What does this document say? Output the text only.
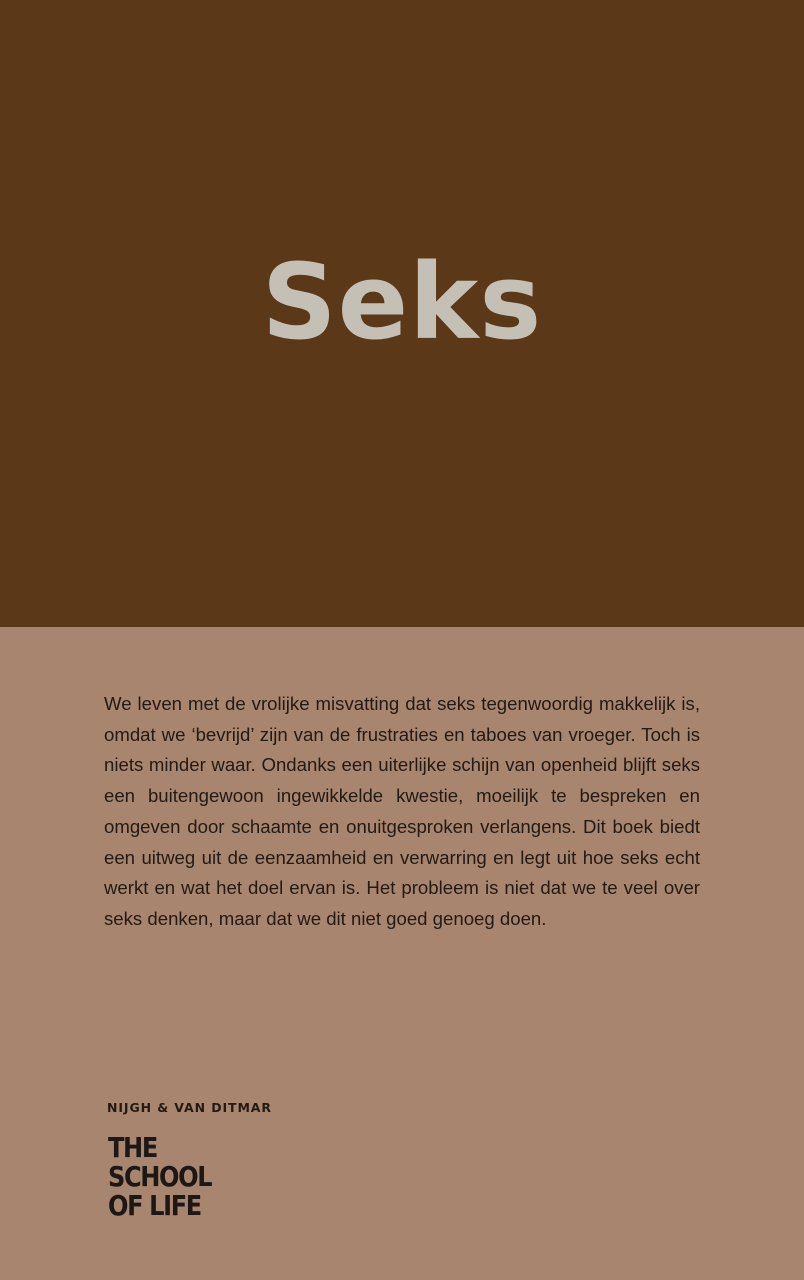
Seks

We leven met de vrolijke misvatting dat seks tegenwoordig makkelijk is, omdat we ‘bevrijd’ zijn van de frustraties en taboes van vroeger. Toch is niets minder waar. Ondanks een uiterlijke schijn van openheid blijft seks een buitengewoon ingewikkelde kwestie, moeilijk te bespreken en omgeven door schaamte en onuitgesproken verlangens. Dit boek biedt een uitweg uit de eenzaamheid en verwarring en legt uit hoe seks echt werkt en wat het doel ervan is. Het probleem is niet dat we te veel over seks denken, maar dat we dit niet goed genoeg doen.

NIJGH & VAN DITMAR
THE
SCHOOL
OF LIFE
